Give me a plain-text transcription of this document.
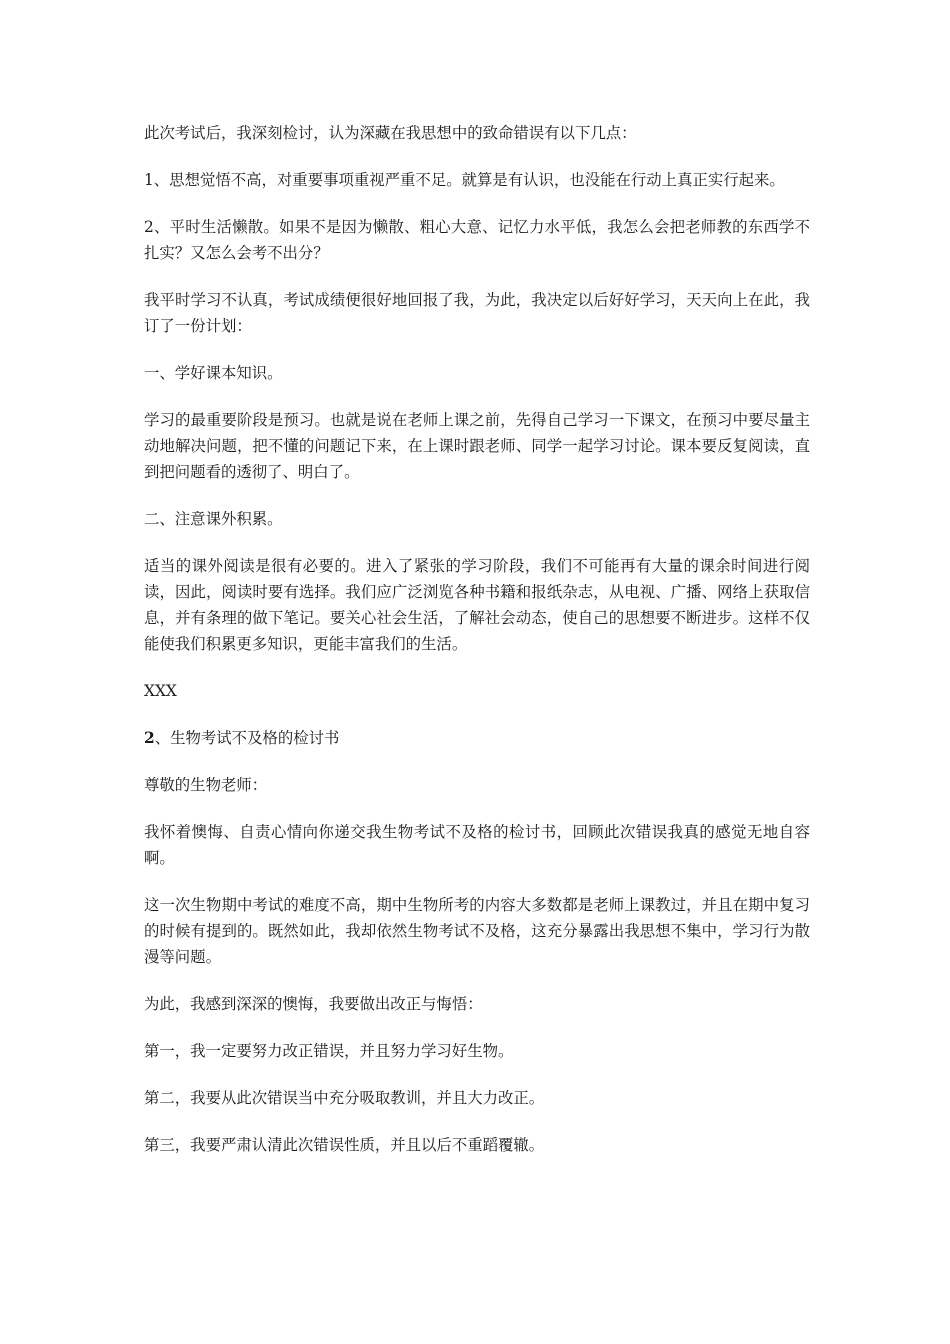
此次考试后，我深刻检讨，认为深藏在我思想中的致命错误有以下几点：

1、思想觉悟不高，对重要事项重视严重不足。就算是有认识，也没能在行动上真正实行起来。

2、平时生活懒散。如果不是因为懒散、粗心大意、记忆力水平低，我怎么会把老师教的东西学不扎实？又怎么会考不出分？

我平时学习不认真，考试成绩便很好地回报了我，为此，我决定以后好好学习，天天向上在此，我订了一份计划：

一、学好课本知识。

学习的最重要阶段是预习。也就是说在老师上课之前，先得自己学习一下课文，在预习中要尽量主动地解决问题，把不懂的问题记下来，在上课时跟老师、同学一起学习讨论。课本要反复阅读，直到把问题看的透彻了、明白了。

二、注意课外积累。

适当的课外阅读是很有必要的。进入了紧张的学习阶段，我们不可能再有大量的课余时间进行阅读，因此，阅读时要有选择。我们应广泛浏览各种书籍和报纸杂志，从电视、广播、网络上获取信息，并有条理的做下笔记。要关心社会生活，了解社会动态，使自己的思想要不断进步。这样不仅能使我们积累更多知识，更能丰富我们的生活。

XXX

2、生物考试不及格的检讨书

尊敬的生物老师：

我怀着懊悔、自责心情向你递交我生物考试不及格的检讨书，回顾此次错误我真的感觉无地自容啊。

这一次生物期中考试的难度不高，期中生物所考的内容大多数都是老师上课教过，并且在期中复习的时候有提到的。既然如此，我却依然生物考试不及格，这充分暴露出我思想不集中，学习行为散漫等问题。

为此，我感到深深的懊悔，我要做出改正与悔悟：

第一，我一定要努力改正错误，并且努力学习好生物。

第二，我要从此次错误当中充分吸取教训，并且大力改正。

第三，我要严肃认清此次错误性质，并且以后不重蹈覆辙。
